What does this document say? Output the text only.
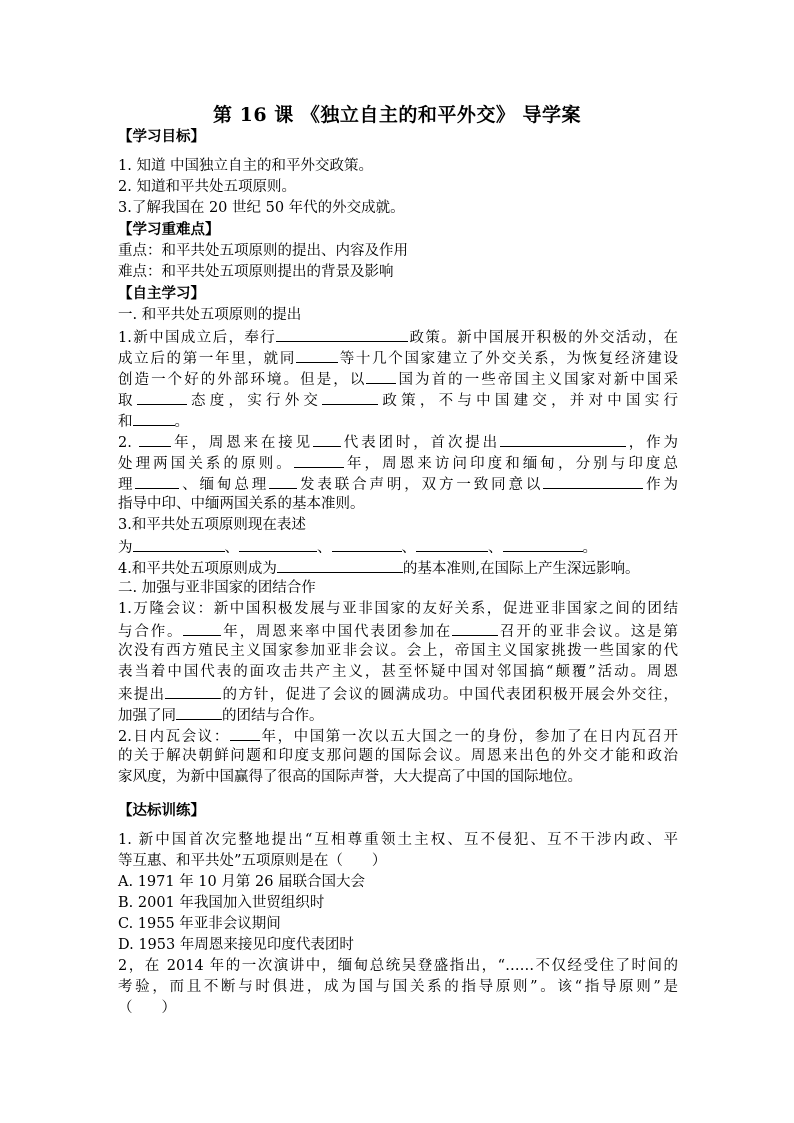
第 16 课 《独立自主的和平外交》 导学案
【学习目标】
1. 知道 中国独立自主的和平外交政策。
2. 知道和平共处五项原则。
3.了解我国在 20 世纪 50 年代的外交成就。
【学习重难点】
重点：和平共处五项原则的提出、内容及作用
难点：和平共处五项原则提出的背景及影响
【自主学习】
一. 和平共处五项原则的提出
1.新中国成立后，奉行	政策。新中国展开积极的外交活动，在
成立后的第一年里，就同	等十几个国家建立了外交关系，为恢复经济建设
创造一个好的外部环境。但是，以 国为首的一些帝国主义国家对新中国采
取	态度，实行外交	政策，不与中国建交，并对中国实行
和	。
2. 年，周恩来在接见 代表团时，首次提出	，作为
处理两国关系的原则。	年，周恩来访问印度和缅甸，分别与印度总
理	、缅甸总理 发表联合声明，双方一致同意以	作为
指导中印、中缅两国关系的基本准则。
3.和平共处五项原则现在表述
为	、	、	、	、	。
4.和平共处五项原则成为	的基本准则,在国际上产生深远影响。
二. 加强与亚非国家的团结合作
1.万隆会议：新中国积极发展与亚非国家的友好关系，促进亚非国家之间的团结
与合作。	年，周恩来率中国代表团参加在	召开的亚非会议。这是第
次没有西方殖民主义国家参加亚非会议。会上，帝国主义国家挑拨一些国家的代
表当着中国代表的面攻击共产主义，甚至怀疑中国对邻国搞“颠覆”活动。周恩
来提出	的方针，促进了会议的圆满成功。中国代表团积极开展会外交往，
加强了同	的团结与合作。
2.日内瓦会议： 年，中国第一次以五大国之一的身份，参加了在日内瓦召开
的关于解决朝鲜问题和印度支那问题的国际会议。周恩来出色的外交才能和政治
家风度，为新中国赢得了很高的国际声誉，大大提高了中国的国际地位。
【达标训练】
1. 新中国首次完整地提出“互相尊重领土主权、互不侵犯、互不干涉内政、平
等互惠、和平共处”五项原则是在（　　）
A. 1971 年 10 月第 26 届联合国大会
B. 2001 年我国加入世贸组织时
C. 1955 年亚非会议期间
D. 1953 年周恩来接见印度代表团时
2，在 2014 年的一次演讲中，缅甸总统吴登盛指出，“……不仅经受住了时间的
考验，而且不断与时俱进，成为国与国关系的指导原则”。该“指导原则”是
（　　）
